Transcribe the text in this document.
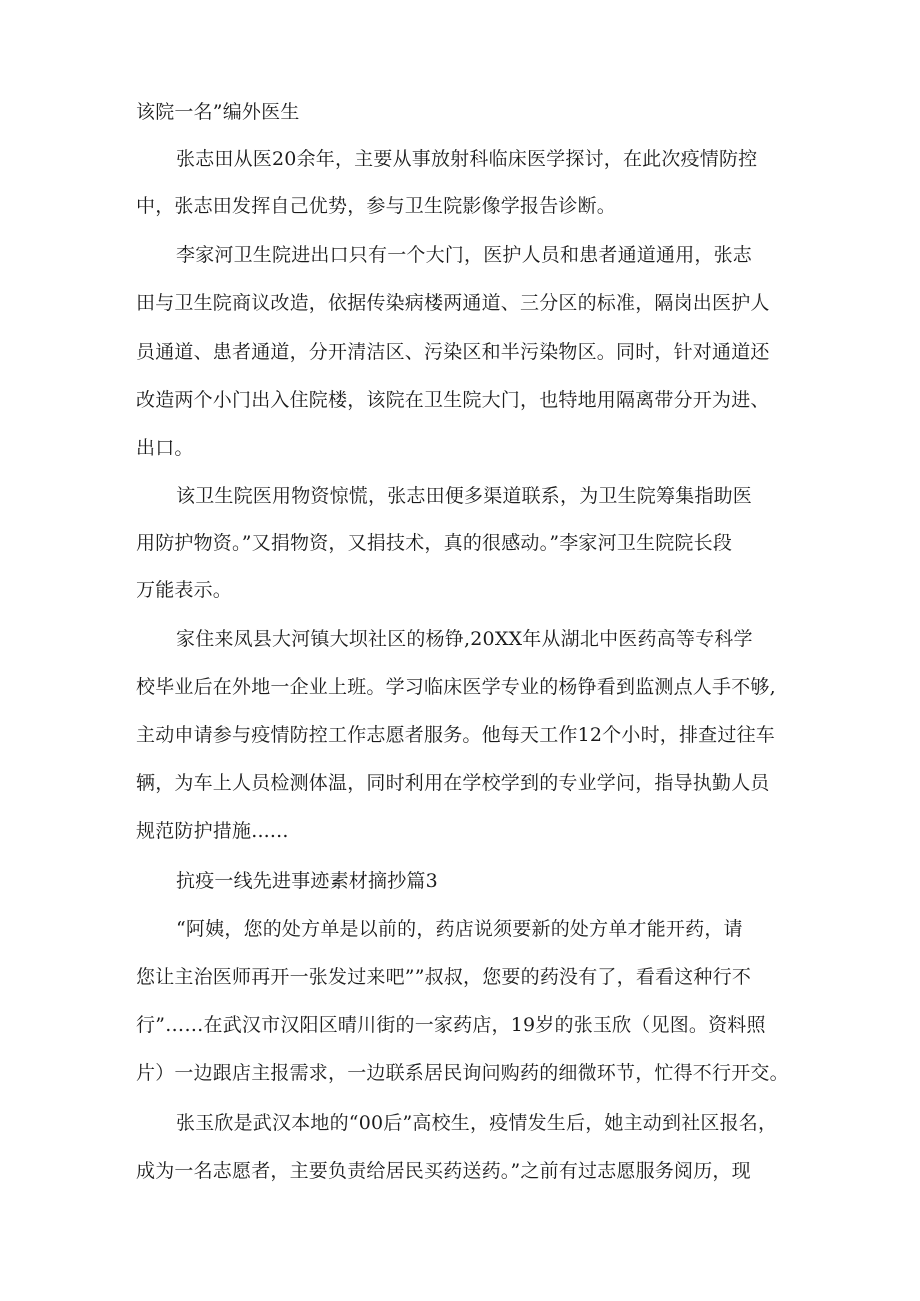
该院一名”编外医生
张志田从医20余年，主要从事放射科临床医学探讨，在此次疫情防控
中，张志田发挥自己优势，参与卫生院影像学报告诊断。
李家河卫生院进出口只有一个大门，医护人员和患者通道通用，张志
田与卫生院商议改造，依据传染病楼两通道、三分区的标准，隔岗出医护人
员通道、患者通道，分开清洁区、污染区和半污染物区。同时，针对通道还
改造两个小门出入住院楼，该院在卫生院大门，也特地用隔离带分开为进、
出口。
该卫生院医用物资惊慌，张志田便多渠道联系，为卫生院筹集指助医
用防护物资。”又捐物资，又捐技术，真的很感动。”李家河卫生院院长段
万能表示。
家住来凤县大河镇大坝社区的杨铮,20XX年从湖北中医药高等专科学
校毕业后在外地一企业上班。学习临床医学专业的杨铮看到监测点人手不够,
主动申请参与疫情防控工作志愿者服务。他每天工作12个小时，排查过往车
辆，为车上人员检测体温，同时利用在学校学到的专业学问，指导执勤人员
规范防护措施......
抗疫一线先进事迹素材摘抄篇3
“阿姨，您的处方单是以前的，药店说须要新的处方单才能开药，请
您让主治医师再开一张发过来吧””叔叔，您要的药没有了，看看这种行不
行”……在武汉市汉阳区晴川街的一家药店，19岁的张玉欣（见图。资料照
片）一边跟店主报需求，一边联系居民询问购药的细微环节，忙得不行开交。
张玉欣是武汉本地的“00后”高校生，疫情发生后，她主动到社区报名，
成为一名志愿者，主要负责给居民买药送药。”之前有过志愿服务阅历，现
